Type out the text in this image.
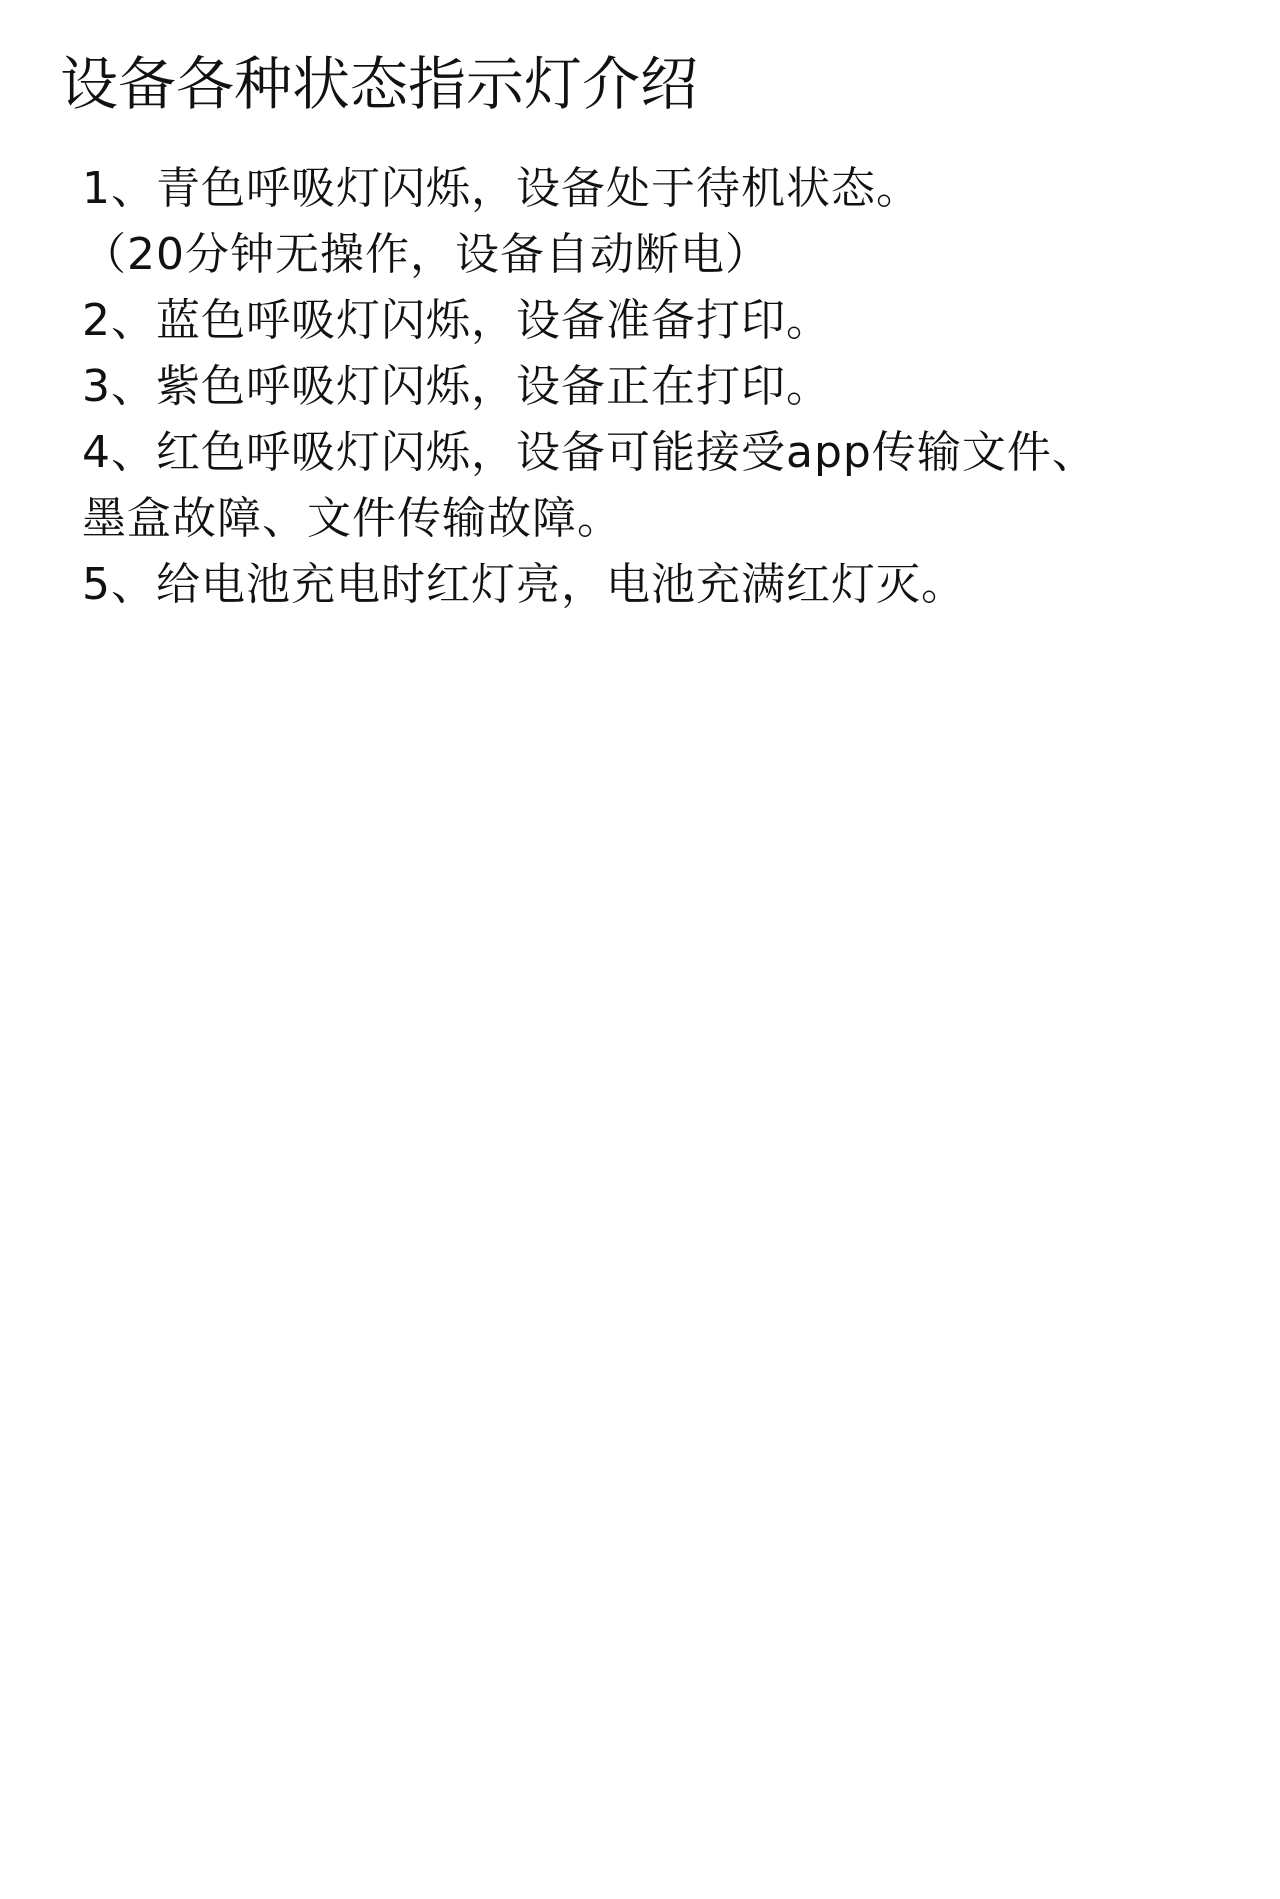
设备各种状态指示灯介绍
1、青色呼吸灯闪烁，设备处于待机状态。
（20分钟无操作，设备自动断电）
2、蓝色呼吸灯闪烁，设备准备打印。
3、紫色呼吸灯闪烁，设备正在打印。
4、红色呼吸灯闪烁，设备可能接受app传输文件、
墨盒故障、文件传输故障。
5、给电池充电时红灯亮，电池充满红灯灭。
